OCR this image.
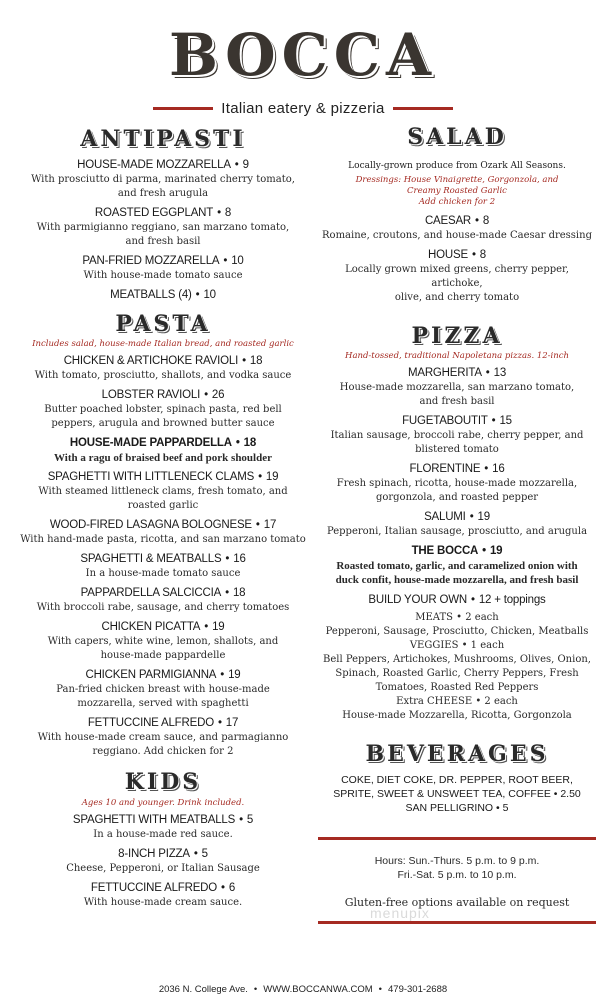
BOCCA
Italian eatery & pizzeria
ANTIPASTI
HOUSE-MADE MOZZARELLA • 9
With prosciutto di parma, marinated cherry tomato,
and fresh arugula
ROASTED EGGPLANT • 8
With parmigianno reggiano, san marzano tomato,
and fresh basil
PAN-FRIED MOZZARELLA • 10
With house-made tomato sauce
MEATBALLS (4) • 10
PASTA
Includes salad, house-made Italian bread, and roasted garlic
CHICKEN & ARTICHOKE RAVIOLI • 18
With tomato, prosciutto, shallots, and vodka sauce
LOBSTER RAVIOLI • 26
Butter poached lobster, spinach pasta, red bell
peppers, arugula and browned butter sauce
HOUSE-MADE PAPPARDELLA • 18
With a ragu of braised beef and pork shoulder
SPAGHETTI WITH LITTLENECK CLAMS • 19
With steamed littleneck clams, fresh tomato, and
roasted garlic
WOOD-FIRED LASAGNA BOLOGNESE • 17
With hand-made pasta, ricotta, and san marzano tomato
SPAGHETTI & MEATBALLS • 16
In a house-made tomato sauce
PAPPARDELLA SALCICCIA • 18
With broccoli rabe, sausage, and cherry tomatoes
CHICKEN PICATTA • 19
With capers, white wine, lemon, shallots, and
house-made pappardelle
CHICKEN PARMIGIANNA • 19
Pan-fried chicken breast with house-made
mozzarella, served with spaghetti
FETTUCCINE ALFREDO • 17
With house-made cream sauce, and parmagianno
reggiano. Add chicken for 2
KIDS
Ages 10 and younger. Drink included.
SPAGHETTI WITH MEATBALLS • 5
In a house-made red sauce.
8-INCH PIZZA • 5
Cheese, Pepperoni, or Italian Sausage
FETTUCCINE ALFREDO • 6
With house-made cream sauce.
SALAD
Locally-grown produce from Ozark All Seasons.
Dressings: House Vinaigrette, Gorgonzola, and
Creamy Roasted Garlic
Add chicken for 2
CAESAR • 8
Romaine, croutons, and house-made Caesar dressing
HOUSE • 8
Locally grown mixed greens, cherry pepper, artichoke,
olive, and cherry tomato
PIZZA
Hand-tossed, traditional Napoletana pizzas. 12-inch
MARGHERITA • 13
House-made mozzarella, san marzano tomato,
and fresh basil
FUGETABOUTIT • 15
Italian sausage, broccoli rabe, cherry pepper, and
blistered tomato
FLORENTINE • 16
Fresh spinach, ricotta, house-made mozzarella,
gorgonzola, and roasted pepper
SALUMI • 19
Pepperoni, Italian sausage, prosciutto, and arugula
THE BOCCA • 19
Roasted tomato, garlic, and caramelized onion with
duck confit, house-made mozzarella, and fresh basil
BUILD YOUR OWN • 12 + toppings
MEATS • 2 each
Pepperoni, Sausage, Prosciutto, Chicken, Meatballs
VEGGIES • 1 each
Bell Peppers, Artichokes, Mushrooms, Olives, Onion,
Spinach, Roasted Garlic, Cherry Peppers, Fresh
Tomatoes, Roasted Red Peppers
Extra CHEESE • 2 each
House-made Mozzarella, Ricotta, Gorgonzola
BEVERAGES
COKE, DIET COKE, DR. PEPPER, ROOT BEER,
SPRITE, SWEET & UNSWEET TEA, COFFEE • 2.50
SAN PELLIGRINO • 5
Hours: Sun.-Thurs. 5 p.m. to 9 p.m.
Fri.-Sat. 5 p.m. to 10 p.m.
Gluten-free options available on request
menupix
2036 N. College Ave. • WWW.BOCCANWA.COM • 479-301-2688
